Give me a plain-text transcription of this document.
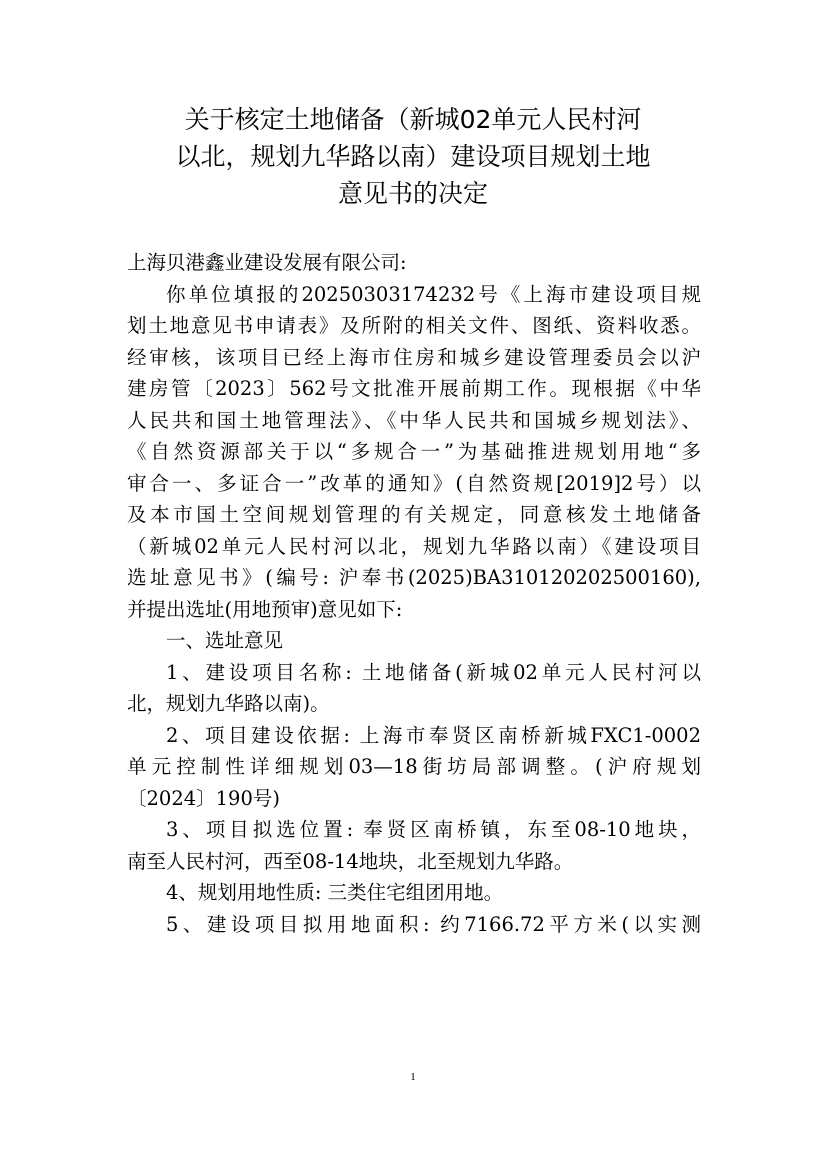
关于核定土地储备（新城02单元人民村河
以北，规划九华路以南）建设项目规划土地
意见书的决定
上海贝港鑫业建设发展有限公司:
你单位填报的20250303174232号《上海市建设项目规
划土地意见书申请表》及所附的相关文件、图纸、资料收悉。
经审核，该项目已经上海市住房和城乡建设管理委员会以沪
建房管〔2023〕562号文批准开展前期工作。现根据《中华
人民共和国土地管理法》、《中华人民共和国城乡规划法》、
《自然资源部关于以“多规合一”为基础推进规划用地“多
审合一、多证合一”改革的通知》(自然资规[2019]2号）以
及本市国土空间规划管理的有关规定，同意核发土地储备
（新城02单元人民村河以北，规划九华路以南）《建设项目
选址意见书》(编号: 沪奉书(2025)BA310120202500160),
并提出选址(用地预审)意见如下:
一、选址意见
1、建设项目名称: 土地储备(新城02单元人民村河以
北，规划九华路以南)。
2、项目建设依据: 上海市奉贤区南桥新城FXC1-0002
单元控制性详细规划03—18街坊局部调整。(沪府规划
〔2024〕190号)
3、项目拟选位置: 奉贤区南桥镇，东至08-10地块，
南至人民村河，西至08-14地块，北至规划九华路。
4、规划用地性质: 三类住宅组团用地。
5、建设项目拟用地面积: 约7166.72平方米(以实测
1
